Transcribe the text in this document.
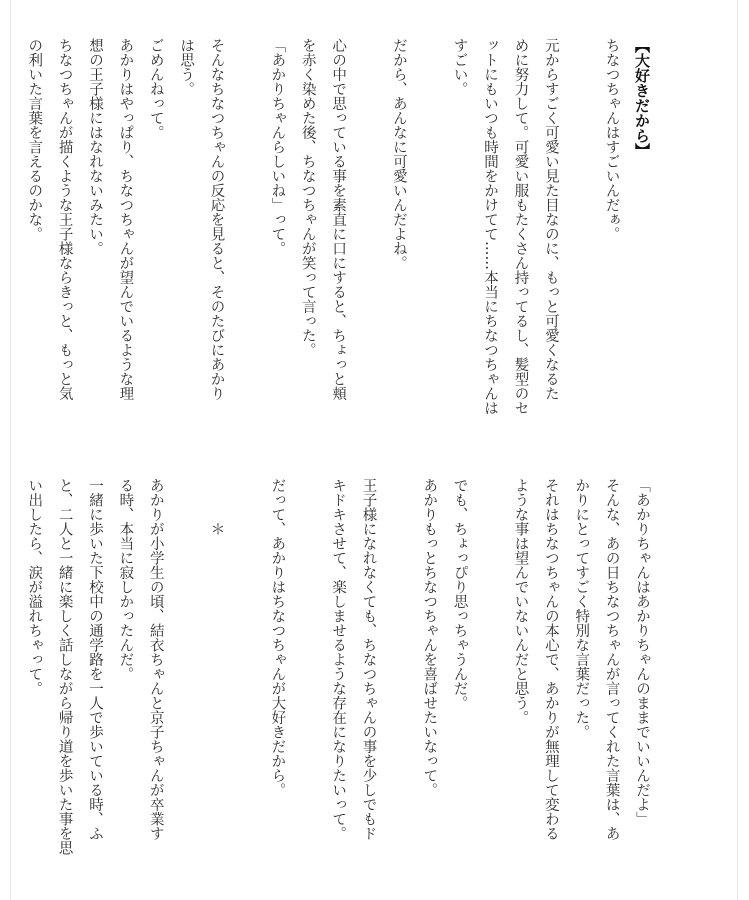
【大好きだから】
ちなつちゃんはすごいんだぁ。
元からすごく可愛い見た目なのに、もっと可愛くなるた
めに努力して。可愛い服もたくさん持ってるし、髪型のセ
ットにもいつも時間をかけてて……本当にちなつちゃんは
すごい。
だから、あんなに可愛いんだよね。
心の中で思っている事を素直に口にすると、ちょっと頬
を赤く染めた後、ちなつちゃんが笑って言った。
「あかりちゃんらしいね」って。
そんなちなつちゃんの反応を見ると、そのたびにあかり
は思う。
ごめんねって。
あかりはやっぱり、ちなつちゃんが望んでいるような理
想の王子様にはなれないみたい。
ちなつちゃんが描くような王子様ならきっと、もっと気
の利いた言葉を言えるのかな。
「あかりちゃんはあかりちゃんのままでいいんだよ」
そんな、あの日ちなつちゃんが言ってくれた言葉は、あ
かりにとってすごく特別な言葉だった。
それはちなつちゃんの本心で、あかりが無理して変わる
ような事は望んでいないんだと思う。
でも、ちょっぴり思っちゃうんだ。
あかりもっとちなつちゃんを喜ばせたいなって。
王子様になれなくても、ちなつちゃんの事を少しでもド
キドキさせて、楽しませるような存在になりたいって。
だって、あかりはちなつちゃんが大好きだから。
＊
あかりが小学生の頃、結衣ちゃんと京子ちゃんが卒業す
る時、本当に寂しかったんだ。
一緒に歩いた下校中の通学路を一人で歩いている時、ふ
と、二人と一緒に楽しく話しながら帰り道を歩いた事を思
い出したら、涙が溢れちゃって。
